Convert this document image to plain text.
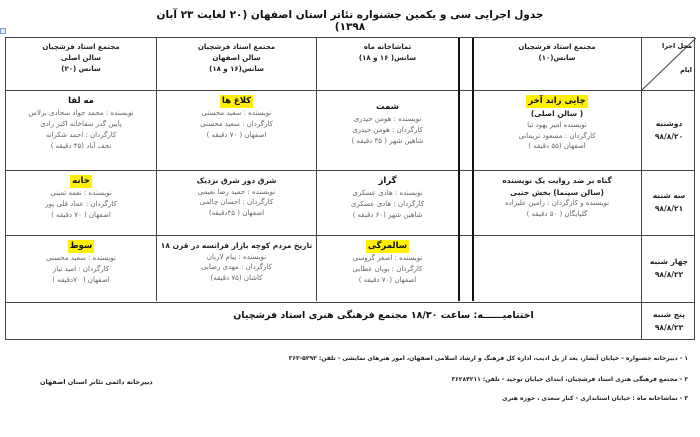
جدول اجرایی سی و یکمین جشنواره تئاتر استان اصفهان (۲۰ لغایت ۲۳ آبان ۱۳۹۸)
محل اجرا
ایام
مجتمع استاد فرشچیان
سانس(۱۰)
تماشاخانه ماه
سانس( ۱۶ و ۱۸)
مجتمع استاد فرشچیان
سالن اصفهان
سانس(۱۶ و ۱۸)
مجتمع استاد فرشچیان
سالن اصلی
سانس (۲۰)
دوشنبه
۹۸/۸/۲۰
چایی راند آخر
( سالن اصلی)
نویسنده امیر یهود تیا
کارگردان : مسعود تریمانی
اصفهان (۵۵ دقیقه )
شمت
نویسنده : هومن حیدری
کارگردان : هومن حیدری
شاهین شهر ( ۴۵ دقیقه )
کلاغ ها
نویسنده : سعید محسنی
کارگردان : سعید محسنی
اصفهان ( ۷۰ دقیقه )
مه لقا
نویسنده : محمد جواد سجادی برلاس
پایین گذر سقاخانه اکبر رادی
کارگردان : احمد شکرانه
نجف آباد (۴۵ دقیقه )
سه شنبه
۹۸/۸/۲۱
گناه بر ضد روایت یک نویسنده
(سالن سینما) بخش جنبی
نویسنده و کارگردان : رامین علیزاده
گلپایگان ( ۵۰ دقیقه )
گراز
نویسنده : هادی عسکری
کارگردان : هادی عسکری
شاهین شهر (۶۰ دقیقه )
شرق دور شرق نزدیک
نویسنده : حمید رضا نعیمی
کارگردان : احسان چالمی
اصفهان ( ۴۵دقیقه)
خانه
نویسنده : نغمه ثمینی
کارگردان : عماد قلی پور
اصفهان ( ۷۰ دقیقه )
چهار شنبه
۹۸/۸/۲۲
سالمرگی
نویسنده : اصغر گروسی
کارگردان : پویان عطایی
اصفهان (۷۰ دقیقه )
تاریخ مردم کوچه بازار فرانسه در قرن ۱۸
نویسنده : پیام لاریان
کارگردان : مهدی رضایی
کاشان (۷۵ دقیقه)
سوط
نویسنده : سعید محسنی
کارگردان : امید نیاز
اصفهان ( ۷۰دقیقه )
پنج شنبه
۹۸/۸/۲۳
اختتامیــــــه: ساعت ۱۸/۳۰ مجتمع فرهنگی هنری استاد فرشچیان
۱ - دبیرخانه جشنواره - خیابان آبشار، بعد از پل ادیب، اداره کل فرهنگ و ارشاد اسلامی اصفهان، امور هنرهای نمایشی - تلفن: ۵۲۹۳-۳۶۳
۲ - مجتمع فرهنگی هنری استاد فرشچیان، ابتدای خیابان توحید - تلفن: ۳۶۲۸۴۲۱۱
۳ - تماشاخانه ماه : خیابان استانداری - کنار سعدی ، حوزه هنری
دبیرخانه دائمی تئاتر استان اصفهان
